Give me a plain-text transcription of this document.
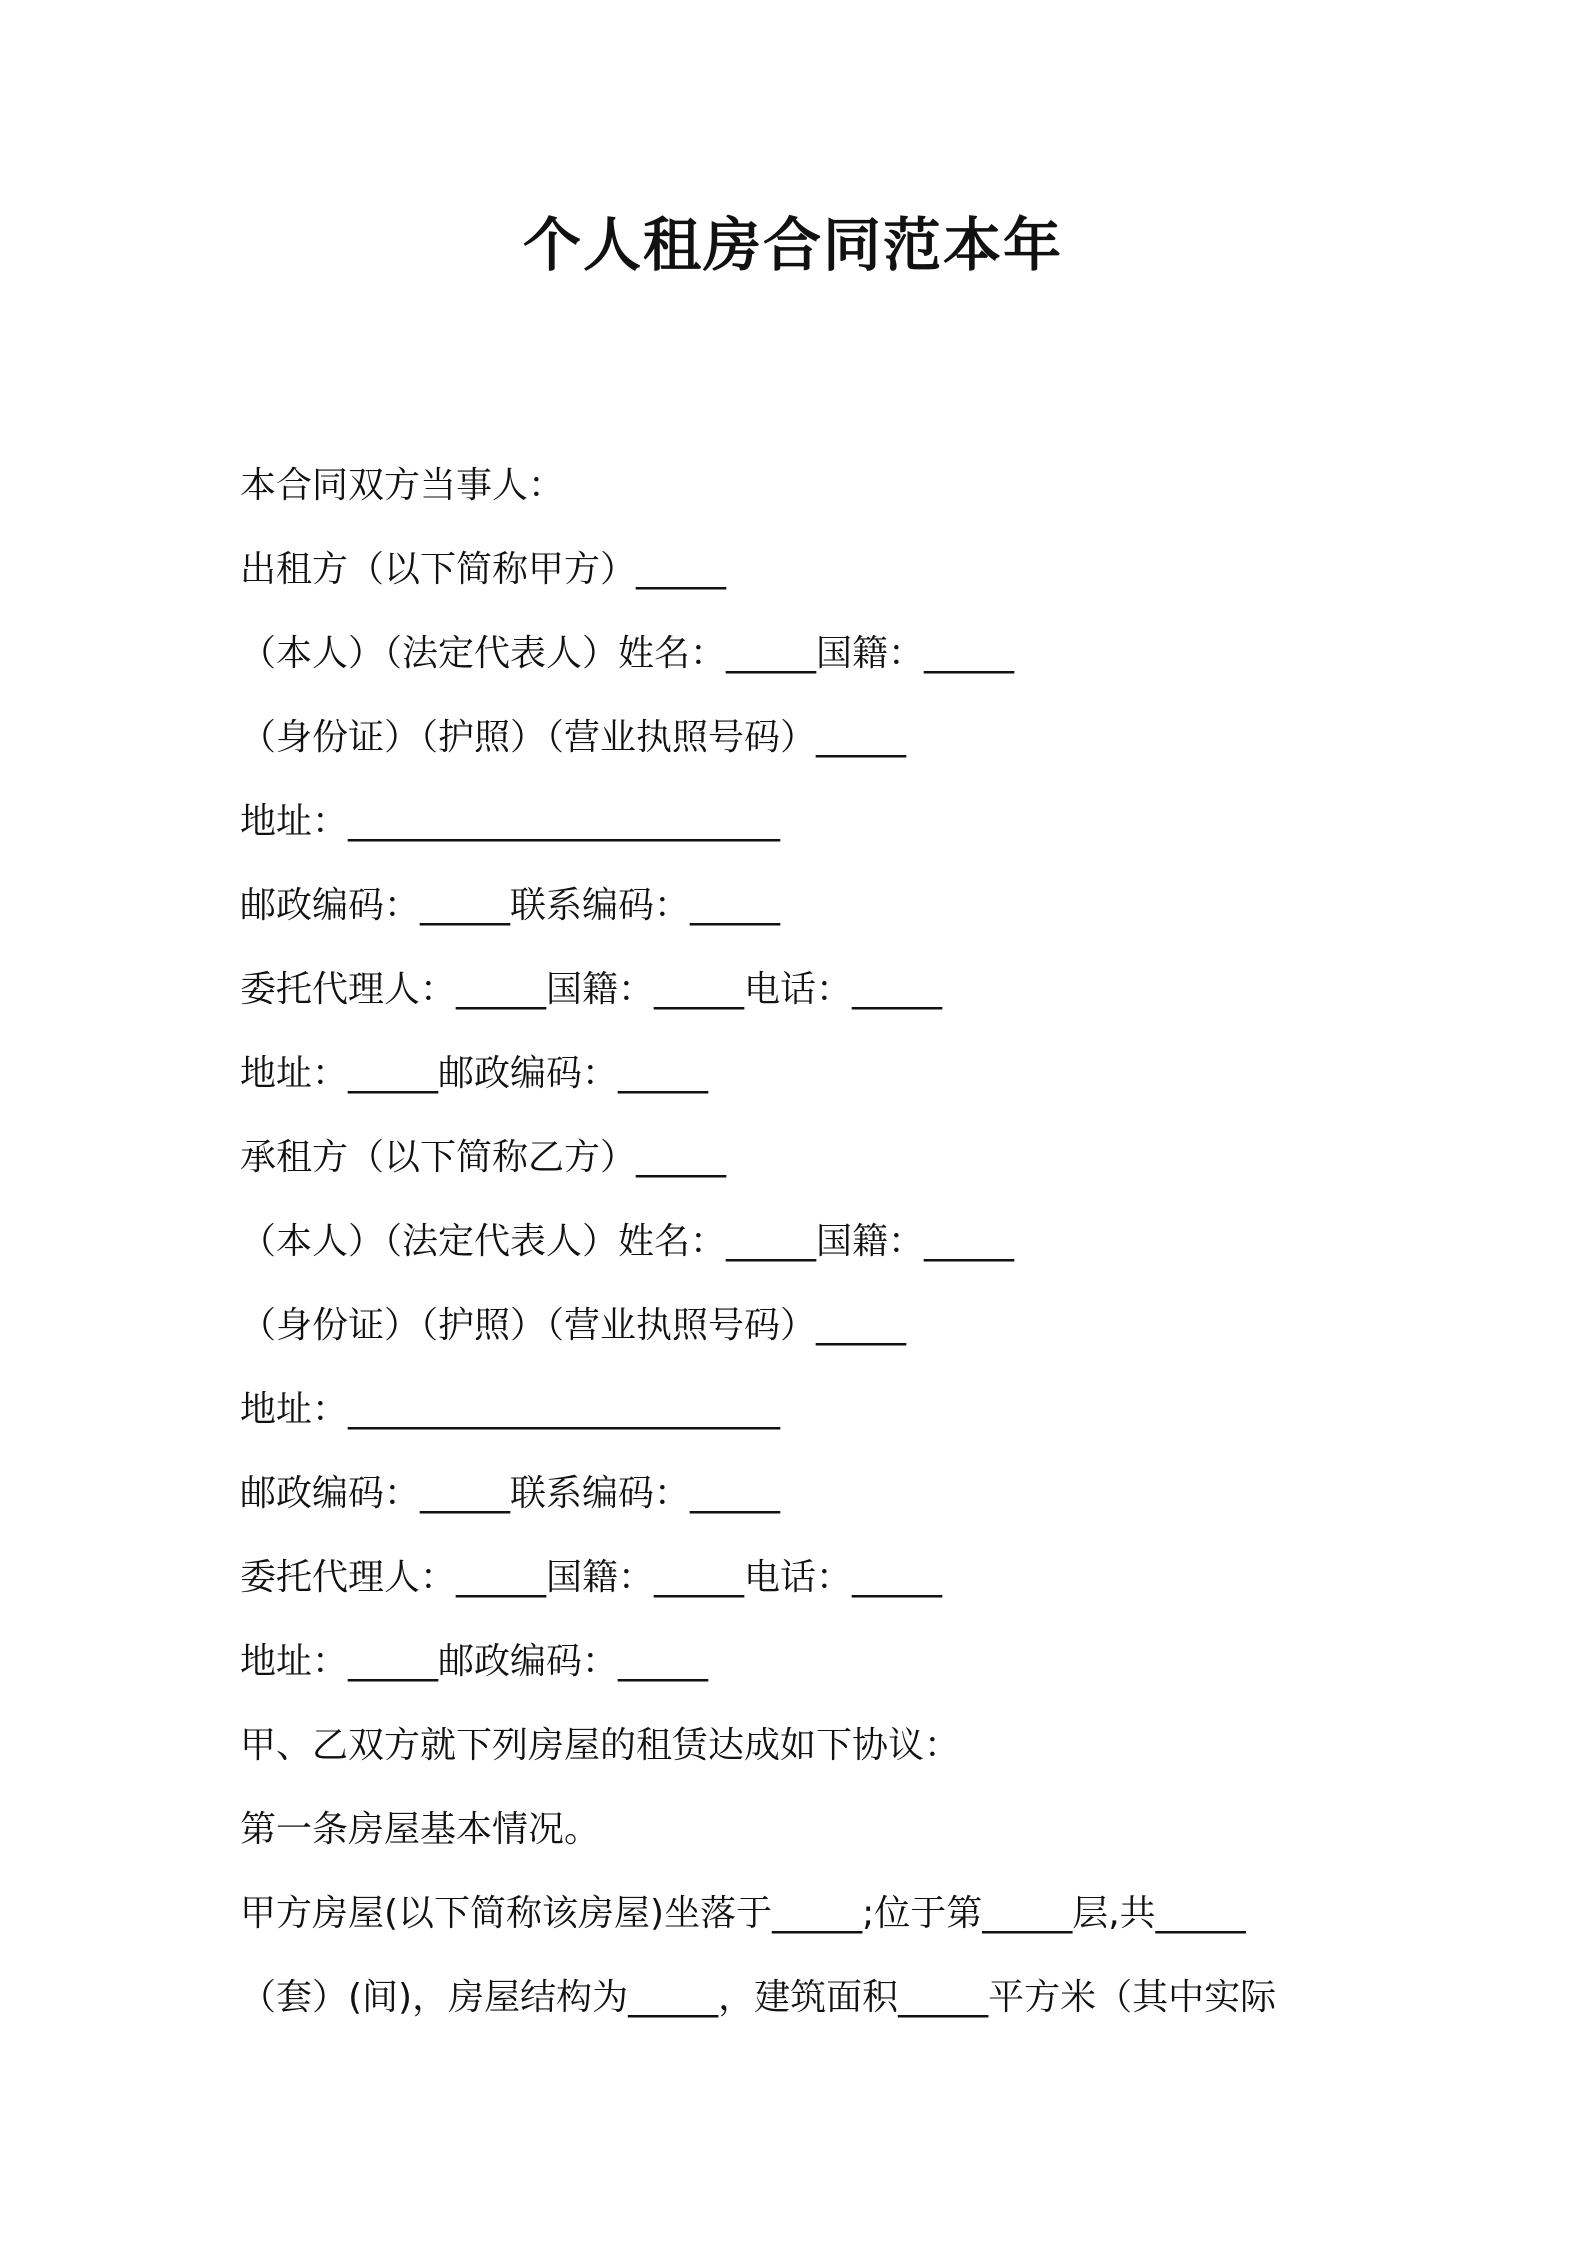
个人租房合同范本年
本合同双方当事人：
出租方（以下简称甲方）_____
（本人）（法定代表人）姓名：_____国籍：_____
（身份证）（护照）（营业执照号码）_____
地址：________________________
邮政编码：_____联系编码：_____
委托代理人：_____国籍：_____电话：_____
地址：_____邮政编码：_____
承租方（以下简称乙方）_____
（本人）（法定代表人）姓名：_____国籍：_____
（身份证）（护照）（营业执照号码）_____
地址：________________________
邮政编码：_____联系编码：_____
委托代理人：_____国籍：_____电话：_____
地址：_____邮政编码：_____
甲、乙双方就下列房屋的租赁达成如下协议：
第一条房屋基本情况。
甲方房屋(以下简称该房屋)坐落于_____;位于第_____层,共_____
（套）(间)，房屋结构为_____，建筑面积_____平方米（其中实际
